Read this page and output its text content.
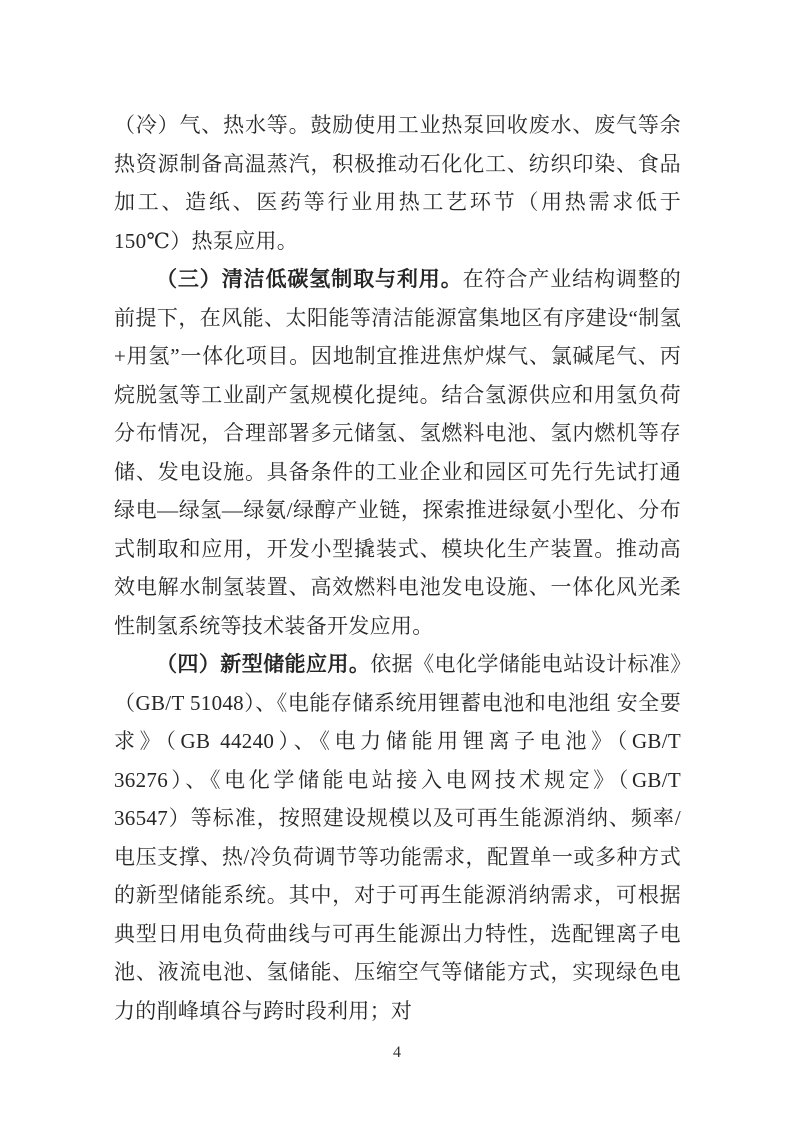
（冷）气、热水等。鼓励使用工业热泵回收废水、废气等余热资源制备高温蒸汽，积极推动石化化工、纺织印染、食品加工、造纸、医药等行业用热工艺环节（用热需求低于 150℃）热泵应用。

（三）清洁低碳氢制取与利用。在符合产业结构调整的前提下，在风能、太阳能等清洁能源富集地区有序建设“制氢+用氢”一体化项目。因地制宜推进焦炉煤气、氯碱尾气、丙烷脱氢等工业副产氢规模化提纯。结合氢源供应和用氢负荷分布情况，合理部署多元储氢、氢燃料电池、氢内燃机等存储、发电设施。具备条件的工业企业和园区可先行先试打通绿电—绿氢—绿氨/绿醇产业链，探索推进绿氨小型化、分布式制取和应用，开发小型撬装式、模块化生产装置。推动高效电解水制氢装置、高效燃料电池发电设施、一体化风光柔性制氢系统等技术装备开发应用。

（四）新型储能应用。依据《电化学储能电站设计标准》（GB/T 51048）、《电能存储系统用锂蓄电池和电池组 安全要求》（GB 44240）、《电力储能用锂离子电池》（GB/T 36276）、《电化学储能电站接入电网技术规定》（GB/T 36547）等标准，按照建设规模以及可再生能源消纳、频率/电压支撑、热/冷负荷调节等功能需求，配置单一或多种方式的新型储能系统。其中，对于可再生能源消纳需求，可根据典型日用电负荷曲线与可再生能源出力特性，选配锂离子电池、液流电池、氢储能、压缩空气等储能方式，实现绿色电力的削峰填谷与跨时段利用；对

4
